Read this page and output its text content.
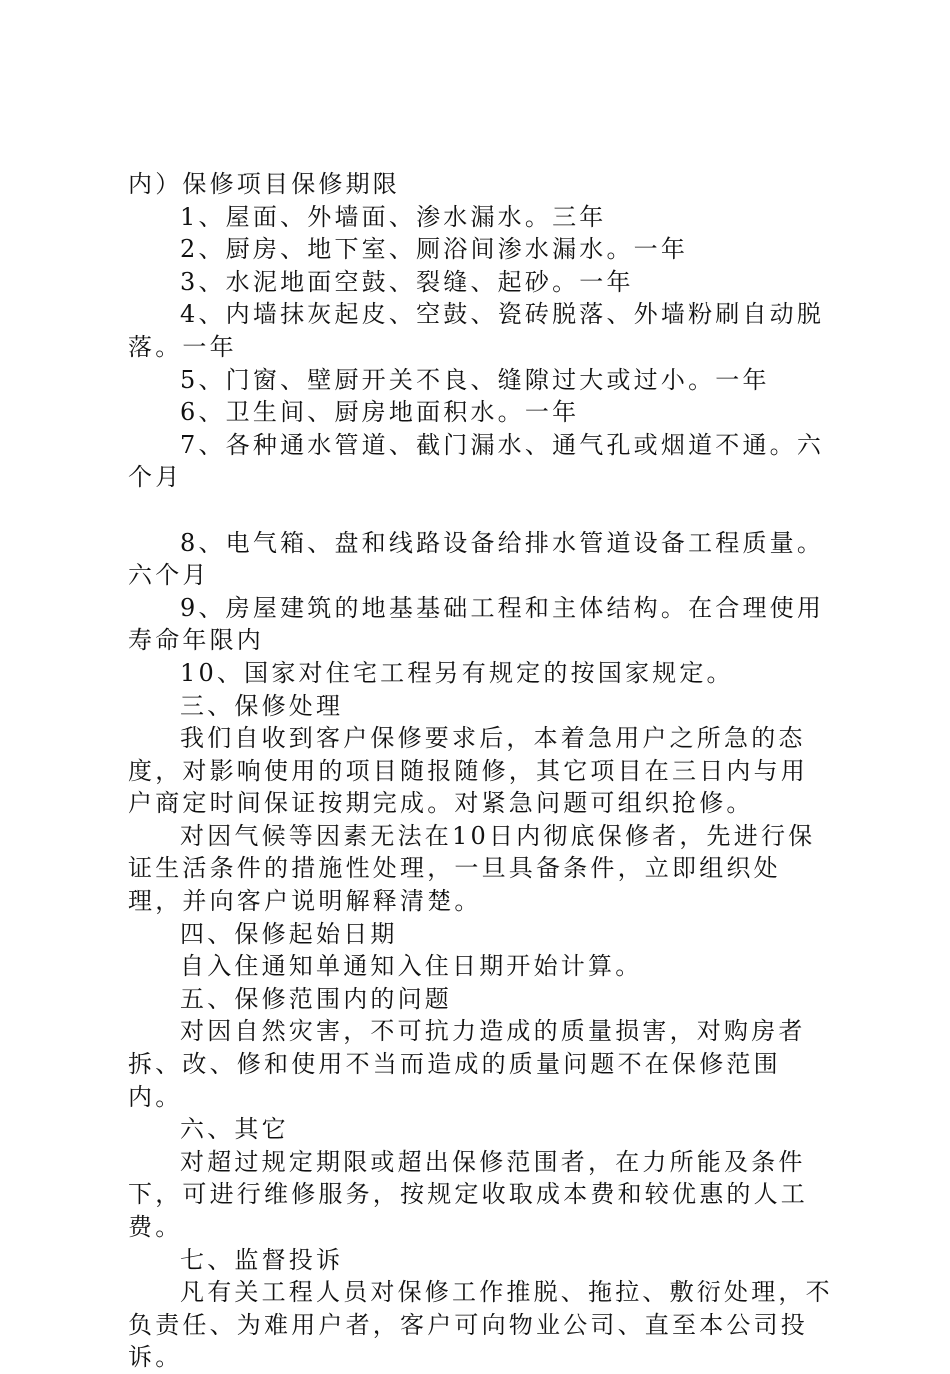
内）保修项目保修期限

1、屋面、外墙面、渗水漏水。三年

2、厨房、地下室、厕浴间渗水漏水。一年

3、水泥地面空鼓、裂缝、起砂。一年

4、内墙抹灰起皮、空鼓、瓷砖脱落、外墙粉刷自动脱落。一年

5、门窗、壁厨开关不良、缝隙过大或过小。一年

6、卫生间、厨房地面积水。一年

7、各种通水管道、截门漏水、通气孔或烟道不通。六个月

8、电气箱、盘和线路设备给排水管道设备工程质量。六个月

9、房屋建筑的地基基础工程和主体结构。在合理使用寿命年限内

10、国家对住宅工程另有规定的按国家规定。

三、保修处理

我们自收到客户保修要求后，本着急用户之所急的态度，对影响使用的项目随报随修，其它项目在三日内与用户商定时间保证按期完成。对紧急问题可组织抢修。

对因气候等因素无法在10日内彻底保修者，先进行保证生活条件的措施性处理，一旦具备条件，立即组织处理，并向客户说明解释清楚。

四、保修起始日期

自入住通知单通知入住日期开始计算。

五、保修范围内的问题

对因自然灾害，不可抗力造成的质量损害，对购房者拆、改、修和使用不当而造成的质量问题不在保修范围内。

六、其它

对超过规定期限或超出保修范围者，在力所能及条件下，可进行维修服务，按规定收取成本费和较优惠的人工费。

七、监督投诉

凡有关工程人员对保修工作推脱、拖拉、敷衍处理，不负责任、为难用户者，客户可向物业公司、直至本公司投诉。
